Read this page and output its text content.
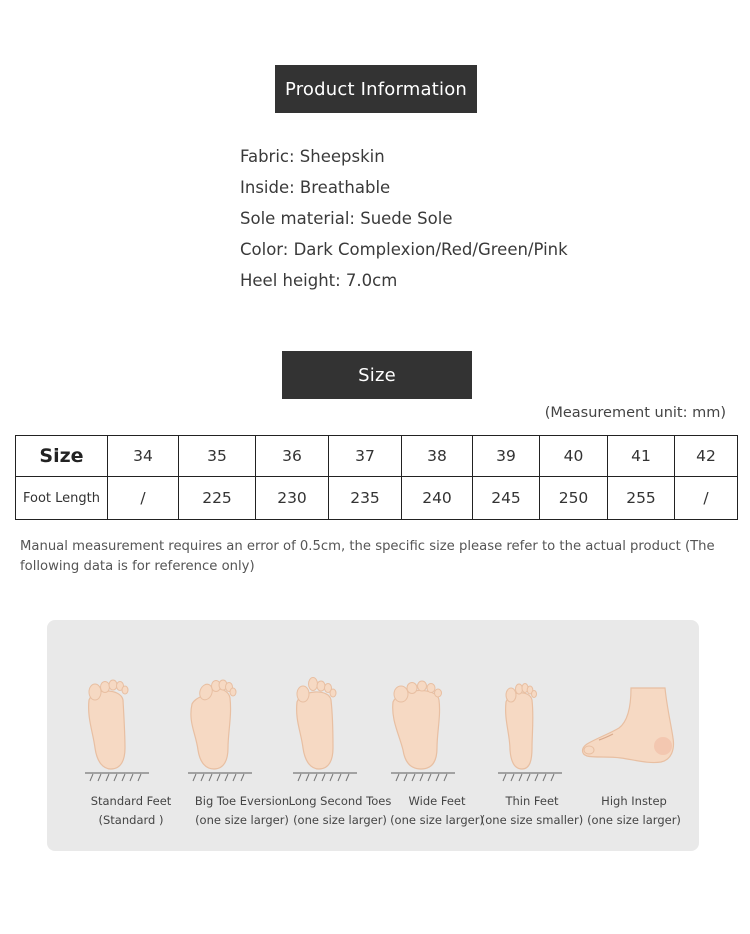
Product Information
Fabric: Sheepskin
Inside: Breathable
Sole material: Suede Sole
Color: Dark Complexion/Red/Green/Pink
Heel height: 7.0cm
Size
(Measurement unit: mm)
Size	34	35	36	37	38	39	40	41	42
Foot Length	/	225	230	235	240	245	250	255	/
Manual measurement requires an error of 0.5cm, the specific size please refer to the actual product (The following data is for reference only)
Standard Feet
(Standard )
Big Toe Eversion
(one size larger)
Long Second Toes
(one size larger)
Wide Feet
(one size larger)
Thin Feet
(one size smaller)
High Instep
(one size larger)
